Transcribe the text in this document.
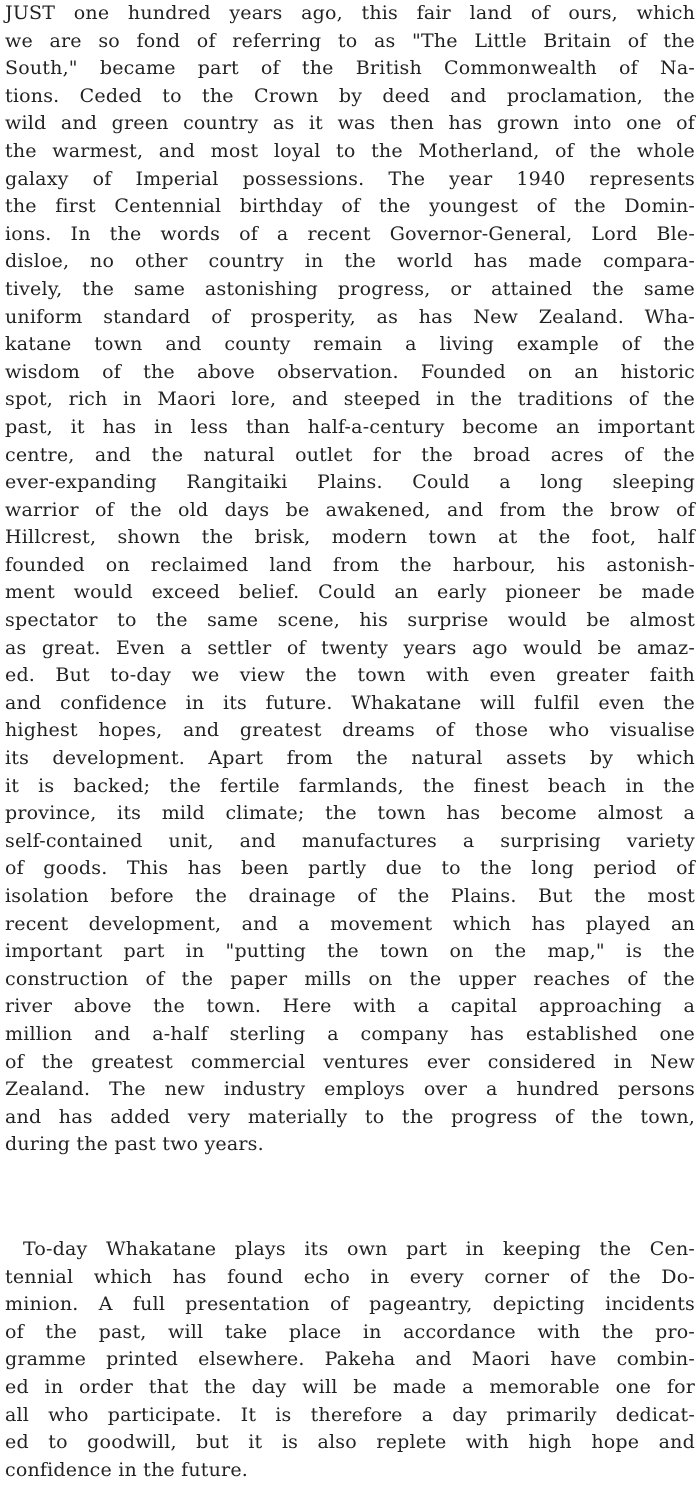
JUST one hundred years ago, this fair land of ours, which
we are so fond of referring to as "The Little Britain of the
South," became part of the British Commonwealth of Na-
tions. Ceded to the Crown by deed and proclamation, the
wild and green country as it was then has grown into one of
the warmest, and most loyal to the Motherland, of the whole
galaxy of Imperial possessions. The year 1940 represents
the first Centennial birthday of the youngest of the Domin-
ions. In the words of a recent Governor-General, Lord Ble-
disloe, no other country in the world has made compara-
tively, the same astonishing progress, or attained the same
uniform standard of prosperity, as has New Zealand. Wha-
katane town and county remain a living example of the
wisdom of the above observation. Founded on an historic
spot, rich in Maori lore, and steeped in the traditions of the
past, it has in less than half-a-century become an important
centre, and the natural outlet for the broad acres of the
ever-expanding Rangitaiki Plains. Could a long sleeping
warrior of the old days be awakened, and from the brow of
Hillcrest, shown the brisk, modern town at the foot, half
founded on reclaimed land from the harbour, his astonish-
ment would exceed belief. Could an early pioneer be made
spectator to the same scene, his surprise would be almost
as great. Even a settler of twenty years ago would be amaz-
ed. But to-day we view the town with even greater faith
and confidence in its future. Whakatane will fulfil even the
highest hopes, and greatest dreams of those who visualise
its development. Apart from the natural assets by which
it is backed; the fertile farmlands, the finest beach in the
province, its mild climate; the town has become almost a
self-contained unit, and manufactures a surprising variety
of goods. This has been partly due to the long period of
isolation before the drainage of the Plains. But the most
recent development, and a movement which has played an
important part in "putting the town on the map," is the
construction of the paper mills on the upper reaches of the
river above the town. Here with a capital approaching a
million and a-half sterling a company has established one
of the greatest commercial ventures ever considered in New
Zealand. The new industry employs over a hundred persons
and has added very materially to the progress of the town,
during the past two years.
To-day Whakatane plays its own part in keeping the Cen-
tennial which has found echo in every corner of the Do-
minion. A full presentation of pageantry, depicting incidents
of the past, will take place in accordance with the pro-
gramme printed elsewhere. Pakeha and Maori have combin-
ed in order that the day will be made a memorable one for
all who participate. It is therefore a day primarily dedicat-
ed to goodwill, but it is also replete with high hope and
confidence in the future.
